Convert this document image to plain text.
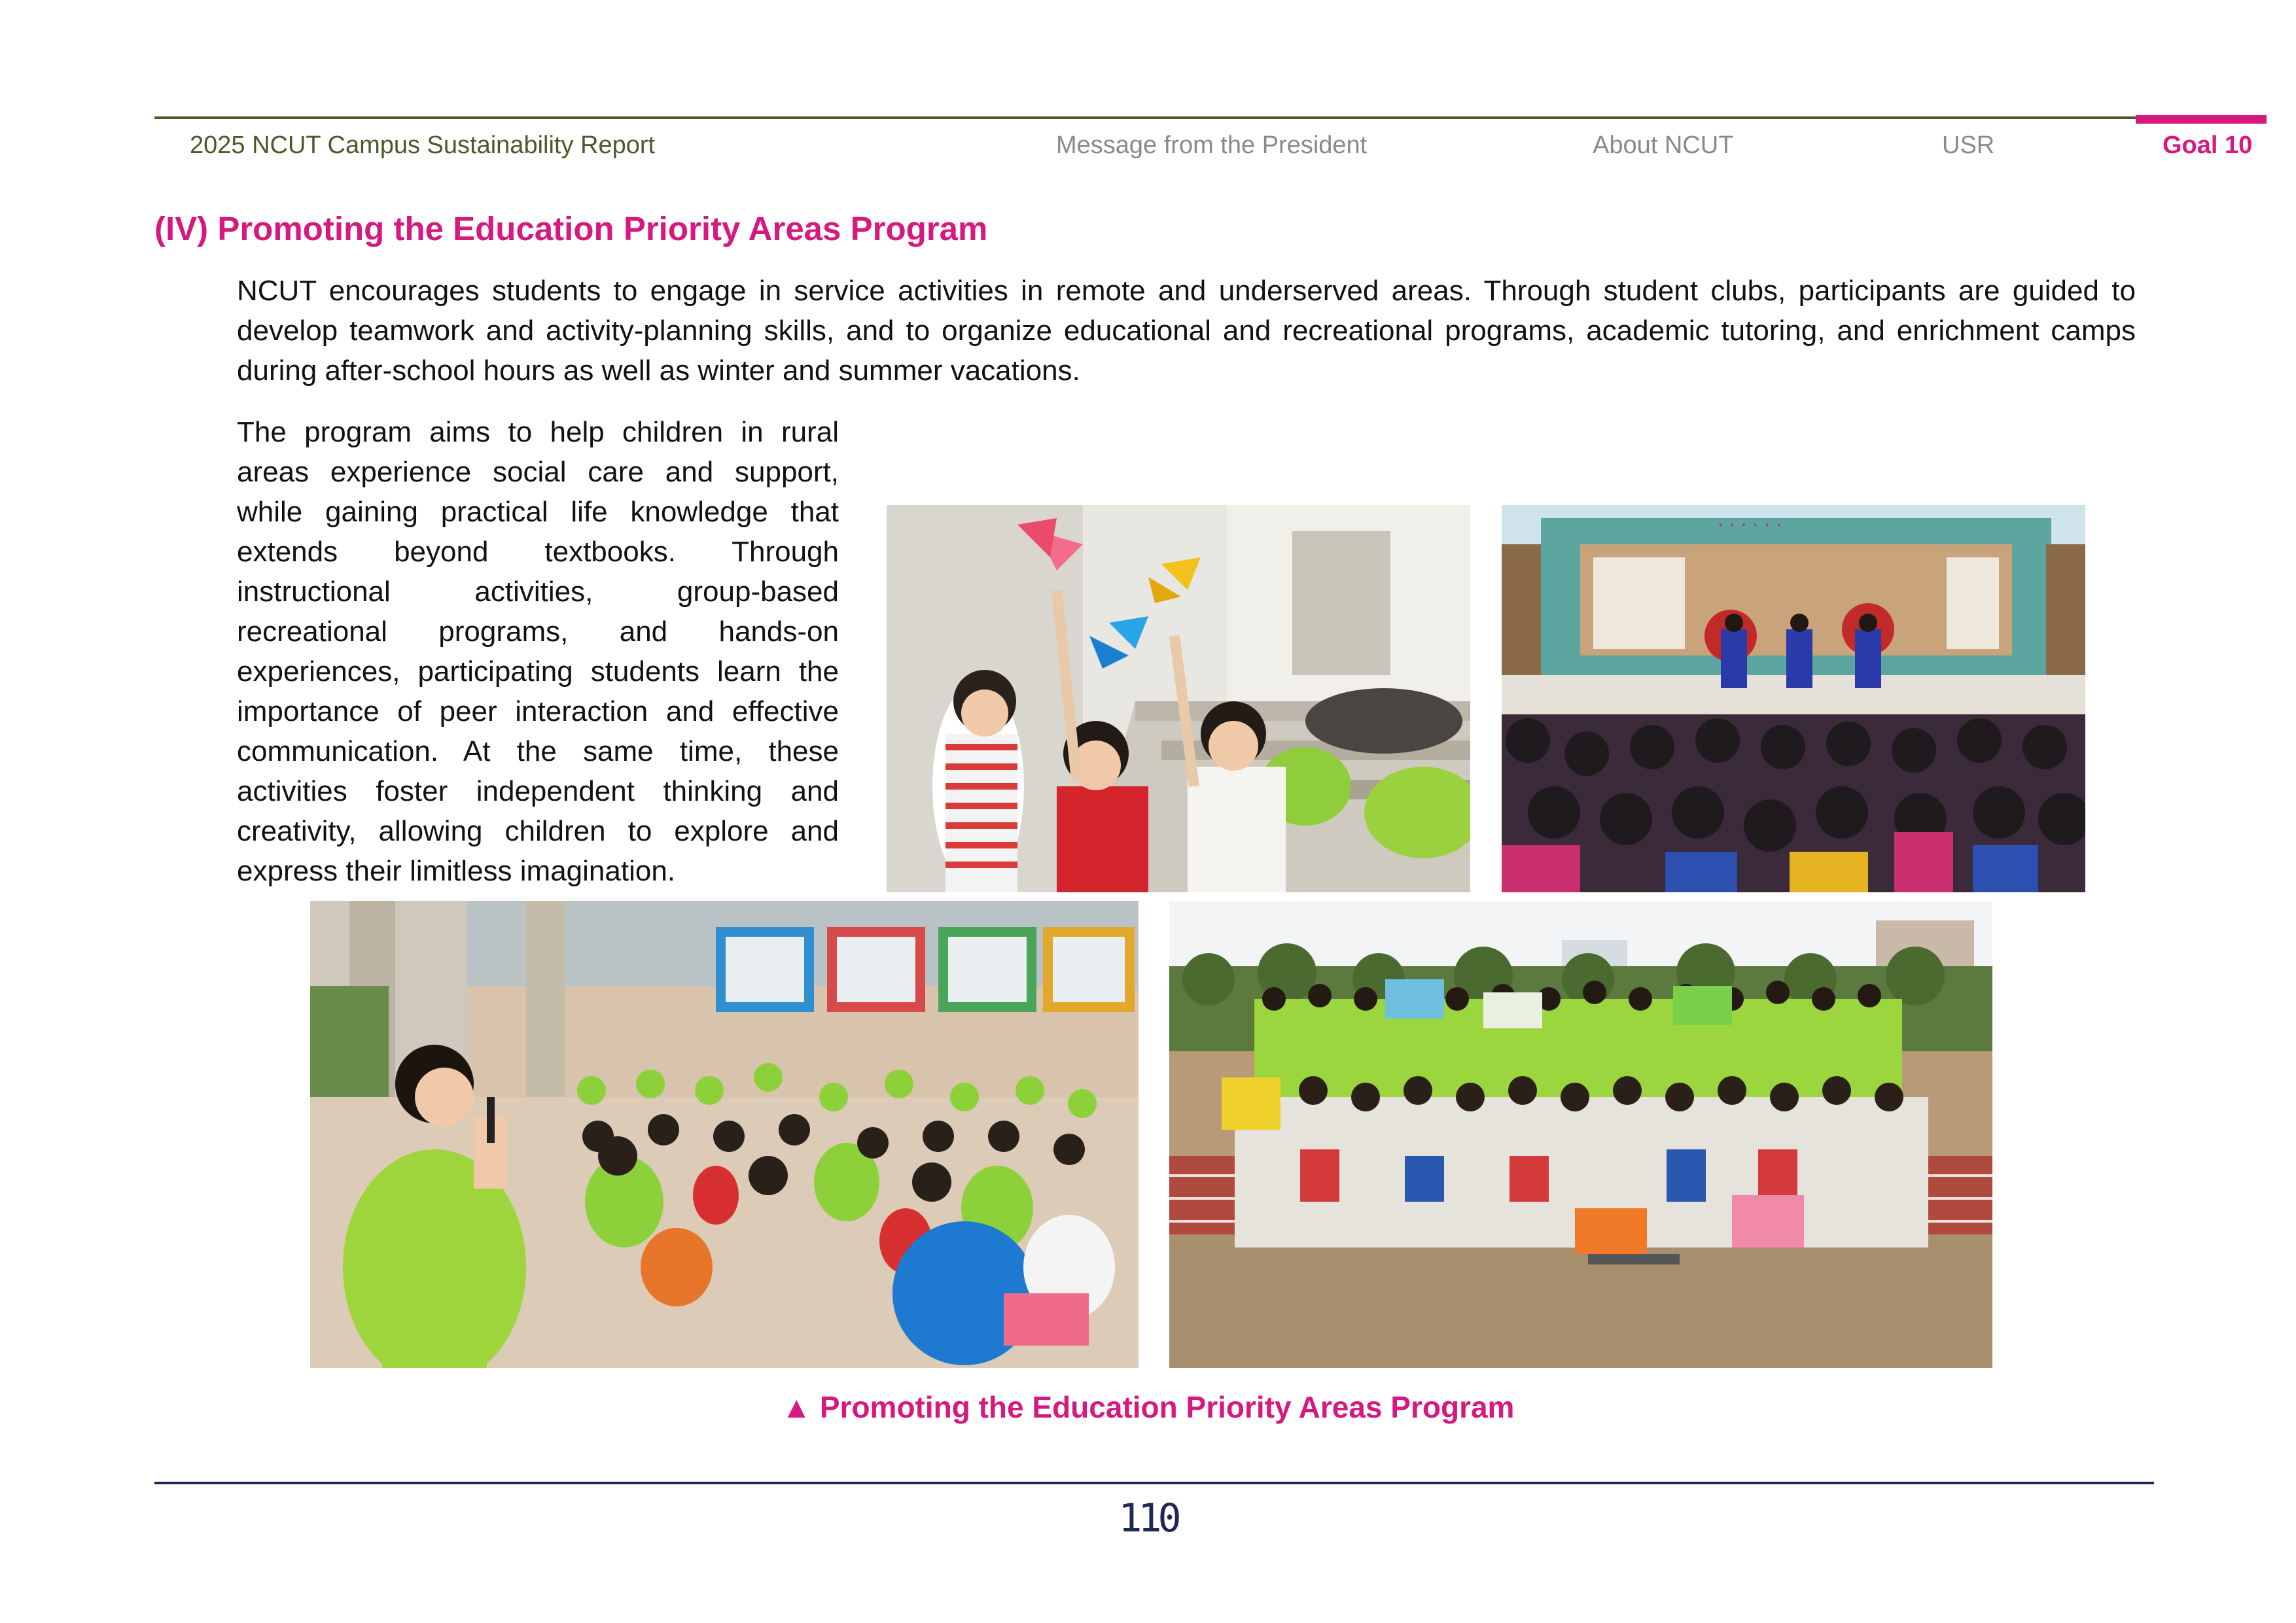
2025 NCUT Campus Sustainability Report	Message from the President	About NCUT	USR	Goal 10
(IV) Promoting the Education Priority Areas Program
NCUT encourages students to engage in service activities in remote and underserved areas. Through student clubs, participants are guided to develop teamwork and activity-planning skills, and to organize educational and recreational programs, academic tutoring, and enrichment camps during after-school hours as well as winter and summer vacations.
The program aims to help children in rural areas experience social care and support, while gaining practical life knowledge that extends beyond textbooks. Through instructional activities, group-based recreational programs, and hands-on experiences, participating students learn the importance of peer interaction and effective communication. At the same time, these activities foster independent thinking and creativity, allowing children to explore and express their limitless imagination.
· · · · · ·
▲ Promoting the Education Priority Areas Program
110
